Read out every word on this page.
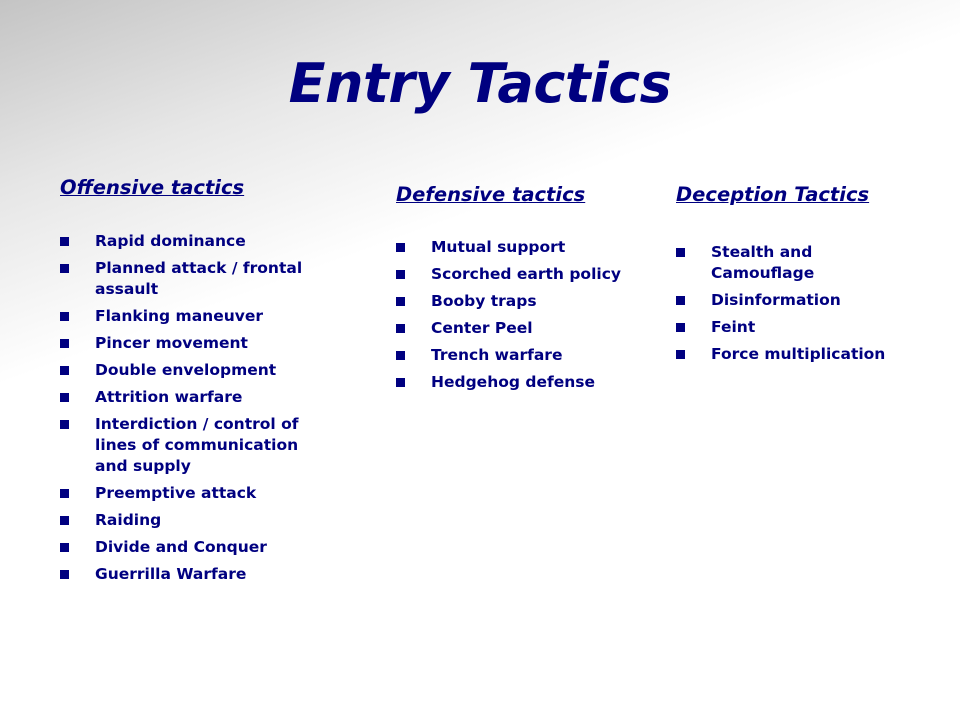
Entry Tactics
Offensive tactics
Rapid dominance
Planned attack / frontal assault
Flanking maneuver
Pincer movement
Double envelopment
Attrition warfare
Interdiction / control of lines of communication and supply
Preemptive attack
Raiding
Divide and Conquer
Guerrilla Warfare
Defensive tactics
Mutual support
Scorched earth policy
Booby traps
Center Peel
Trench warfare
Hedgehog defense
Deception Tactics
Stealth and Camouflage
Disinformation
Feint
Force multiplication
